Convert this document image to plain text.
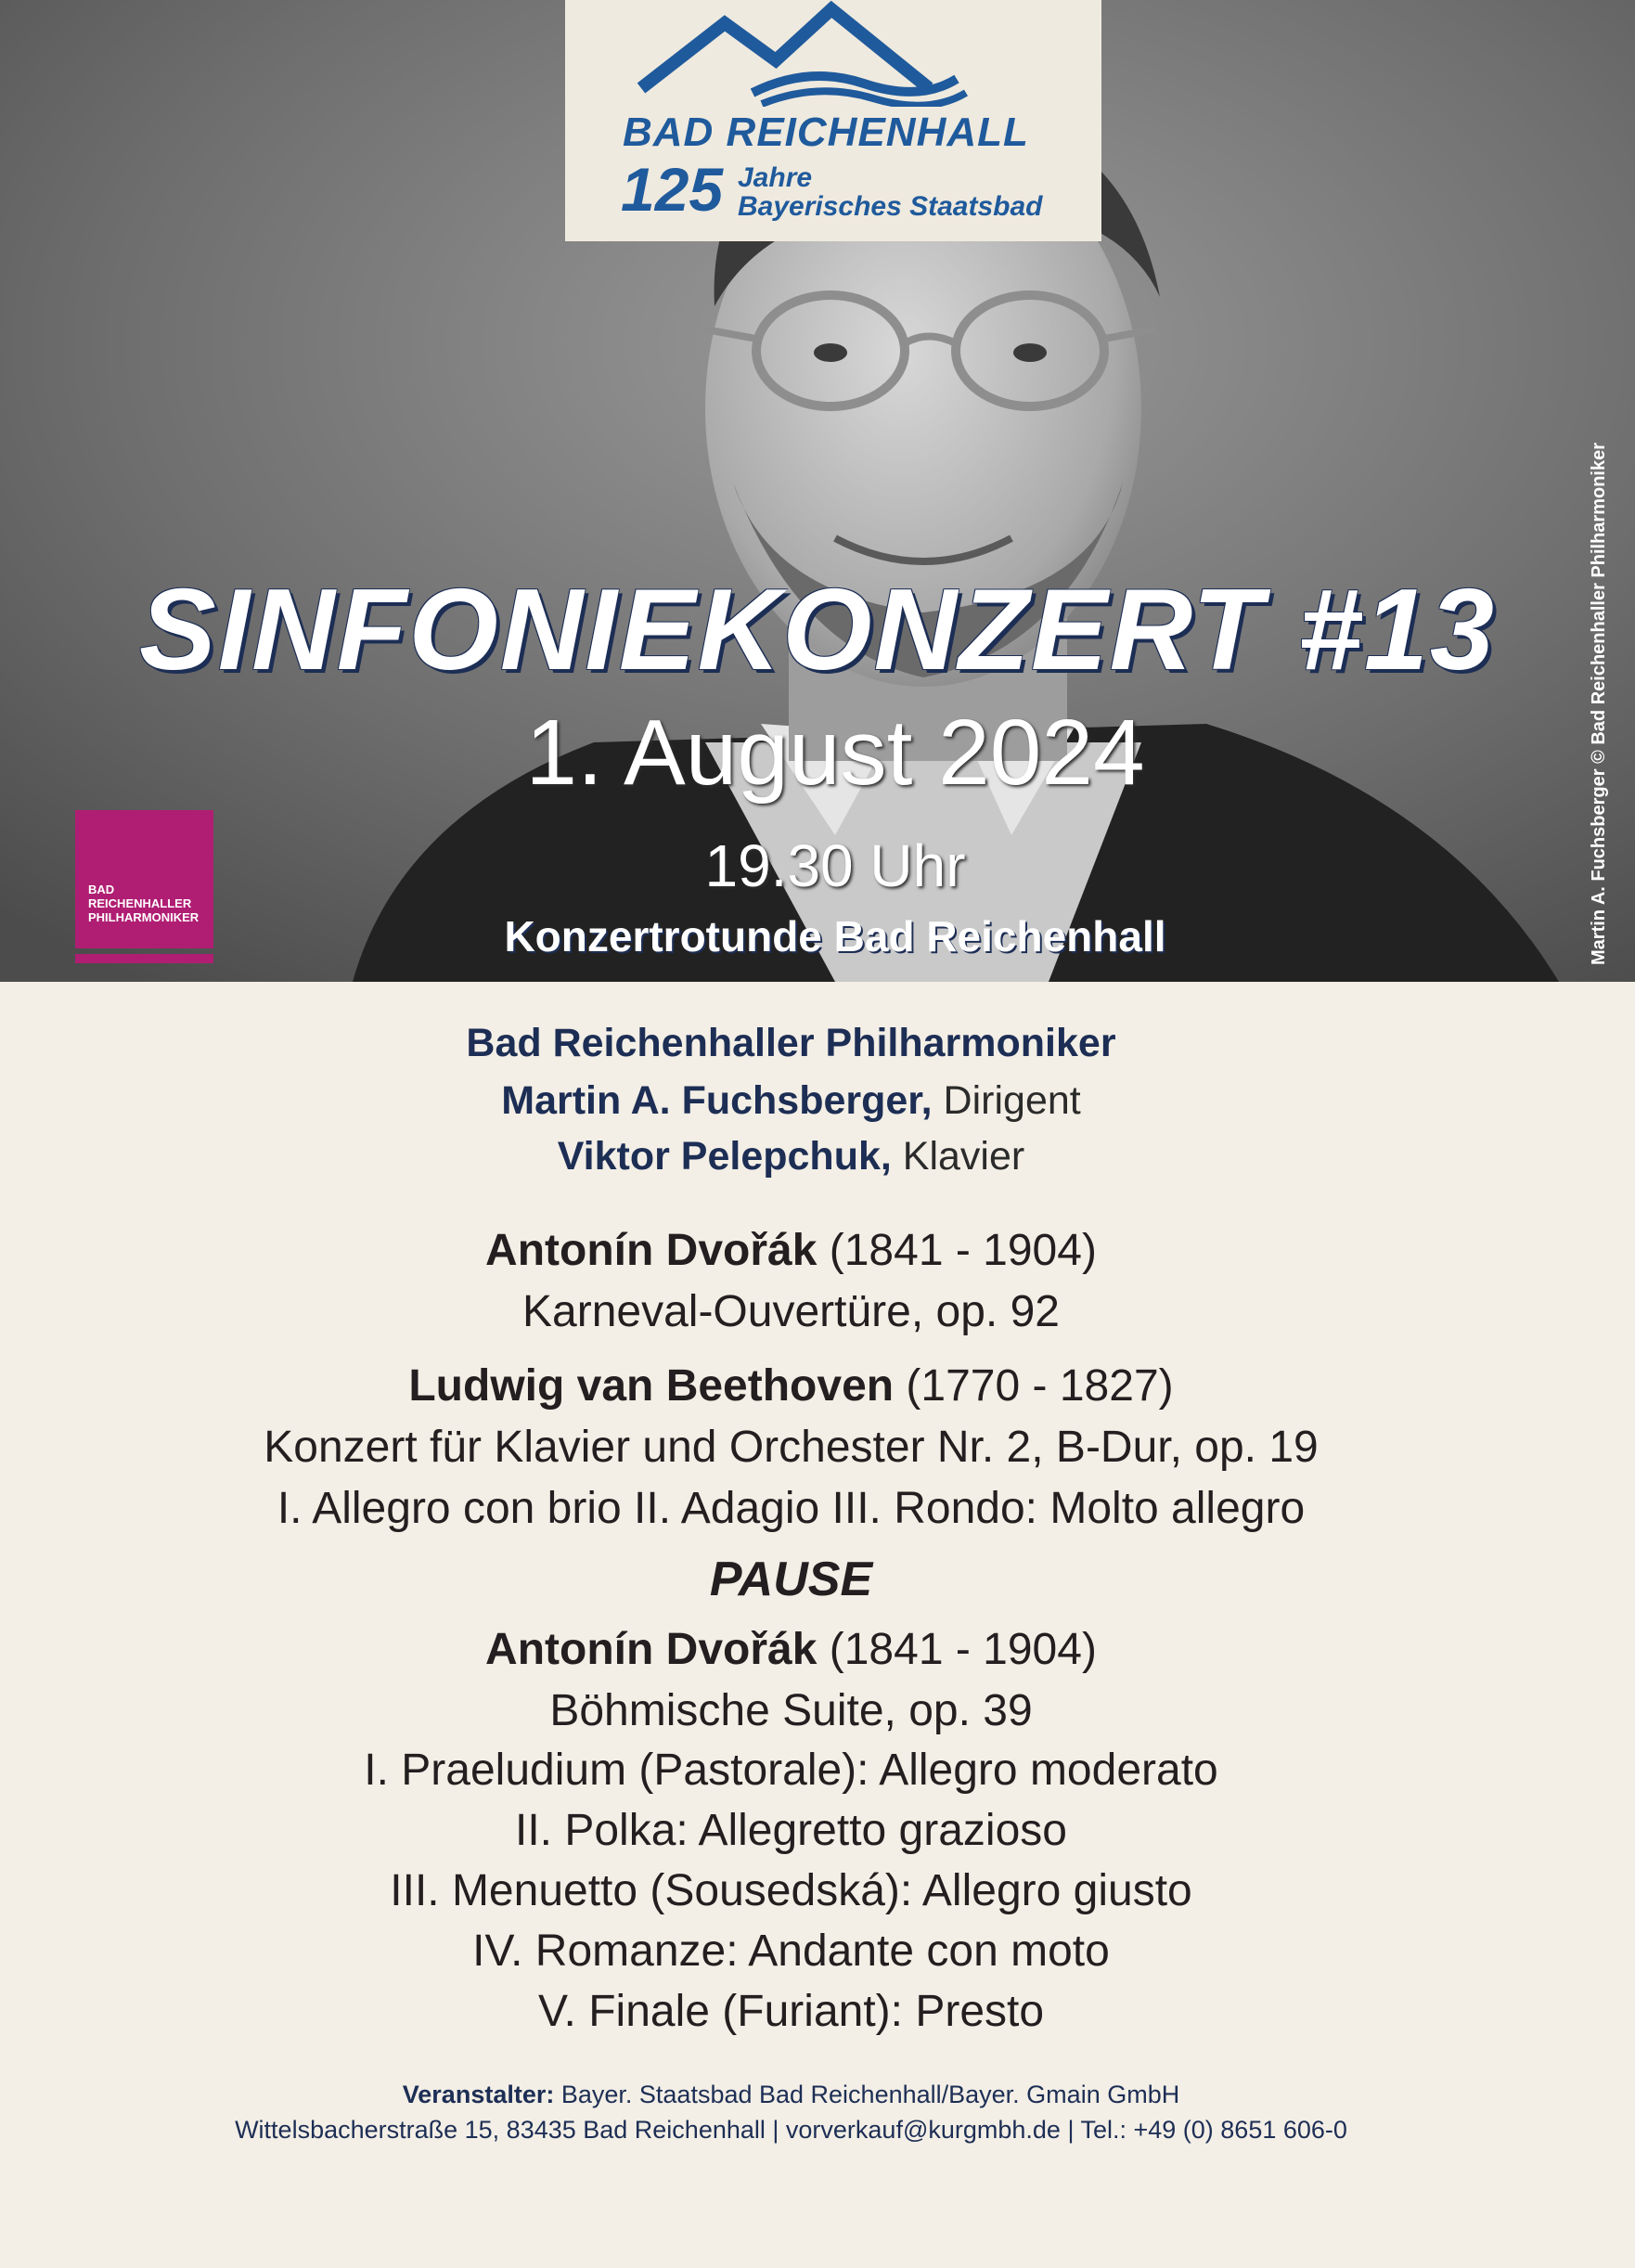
BAD REICHENHALL
125 Jahre
Bayerisches Staatsbad
Martin A. Fuchsberger © Bad Reichenhaller Philharmoniker
BAD
REICHENHALLER
PHILHARMONIKER
SINFONIEKONZERT #13
1. August 2024
19.30 Uhr
Konzertrotunde Bad Reichenhall
Bad Reichenhaller Philharmoniker
Martin A. Fuchsberger, Dirigent
Viktor Pelepchuk, Klavier
Antonín Dvořák (1841 - 1904)
Karneval-Ouvertüre, op. 92
Ludwig van Beethoven (1770 - 1827)
Konzert für Klavier und Orchester Nr. 2, B-Dur, op. 19
I. Allegro con brio II. Adagio III. Rondo: Molto allegro
PAUSE
Antonín Dvořák (1841 - 1904)
Böhmische Suite, op. 39
I. Praeludium (Pastorale): Allegro moderato
II. Polka: Allegretto grazioso
III. Menuetto (Sousedská): Allegro giusto
IV. Romanze: Andante con moto
V. Finale (Furiant): Presto
Veranstalter: Bayer. Staatsbad Bad Reichenhall/Bayer. Gmain GmbH
Wittelsbacherstraße 15, 83435 Bad Reichenhall | vorverkauf@kurgmbh.de | Tel.: +49 (0) 8651 606-0
